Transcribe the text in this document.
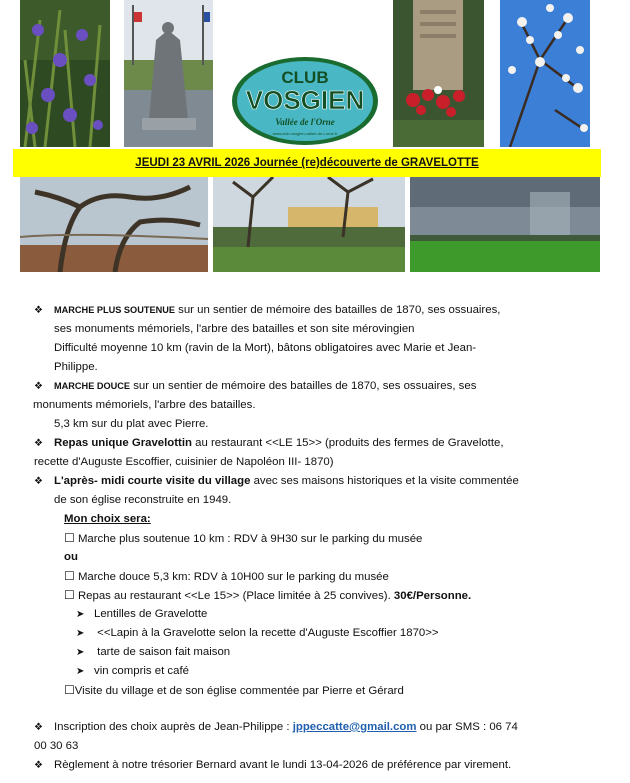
CLUB
VOSGIEN
Vallée de l'Orne
www.club-vosgien-vallee-de-l-orne.fr
JEUDI 23 AVRIL 2026 Journée (re)découverte de GRAVELOTTE
❖ MARCHE PLUS SOUTENUE sur un sentier de mémoire des batailles de 1870, ses ossuaires,
ses monuments mémoriels, l'arbre des batailles et son site mérovingien
Difficulté moyenne 10 km (ravin de la Mort), bâtons obligatoires avec Marie et Jean-
Philippe.
❖ MARCHE DOUCE sur un sentier de mémoire des batailles de 1870, ses ossuaires, ses
monuments mémoriels, l'arbre des batailles.
5,3 km sur du plat avec Pierre.
❖ Repas unique Gravelottin au restaurant <<LE 15>> (produits des fermes de Gravelotte,
recette d'Auguste Escoffier, cuisinier de Napoléon III- 1870)
❖ L'après- midi courte visite du village avec ses maisons historiques et la visite commentée
de son église reconstruite en 1949.
Mon choix sera:
☐ Marche plus soutenue 10 km : RDV à 9H30 sur le parking du musée
ou
☐ Marche douce 5,3 km: RDV à 10H00 sur le parking du musée
☐ Repas au restaurant <<Le 15>> (Place limitée à 25 convives). 30€/Personne.
➤ Lentilles de Gravelotte
➤ <<Lapin à la Gravelotte selon la recette d'Auguste Escoffier 1870>>
➤ tarte de saison fait maison
➤ vin compris et café
☐Visite du village et de son église commentée par Pierre et Gérard
❖ Inscription des choix auprès de Jean-Philippe : jppeccatte@gmail.com ou par SMS : 06 74
00 30 63
❖ Règlement à notre trésorier Bernard avant le lundi 13-04-2026 de préférence par virement.
